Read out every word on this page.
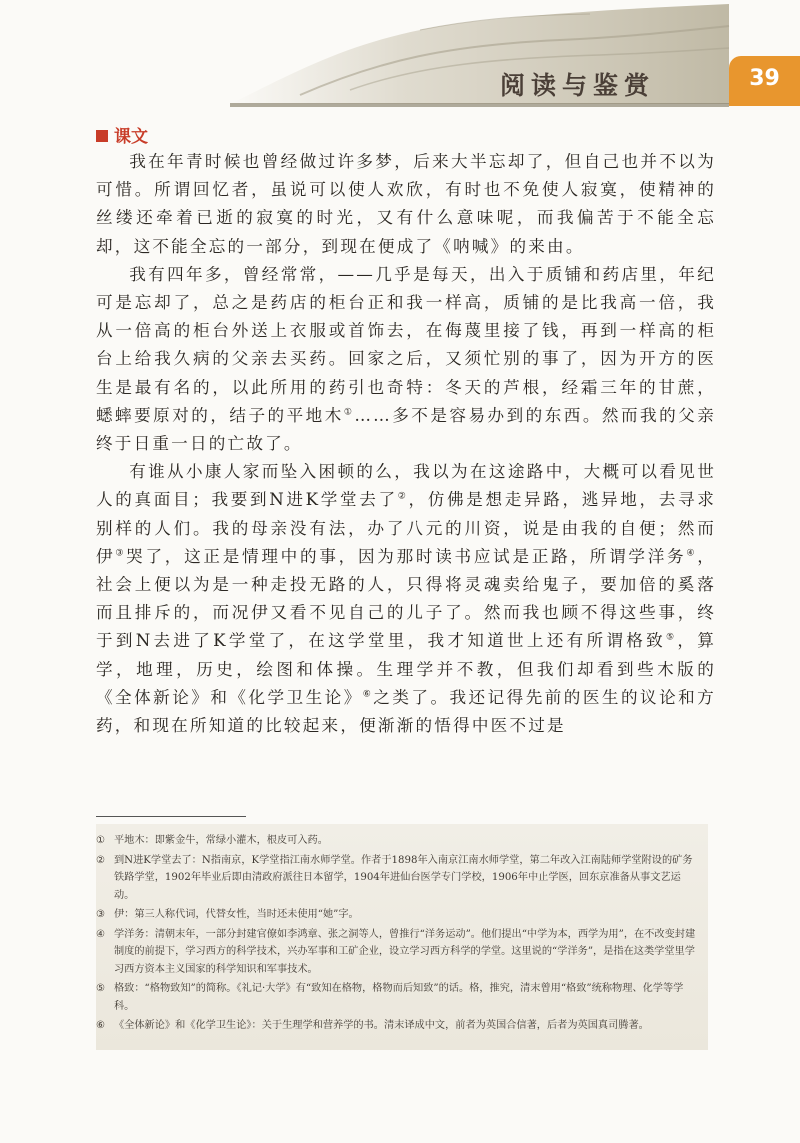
阅读与鉴赏	39
课文

我在年青时候也曾经做过许多梦，后来大半忘却了，但自己也并不以为可惜。所谓回忆者，虽说可以使人欢欣，有时也不免使人寂寞，使精神的丝缕还牵着已逝的寂寞的时光，又有什么意味呢，而我偏苦于不能全忘却，这不能全忘的一部分，到现在便成了《呐喊》的来由。

我有四年多，曾经常常，——几乎是每天，出入于质铺和药店里，年纪可是忘却了，总之是药店的柜台正和我一样高，质铺的是比我高一倍，我从一倍高的柜台外送上衣服或首饰去，在侮蔑里接了钱，再到一样高的柜台上给我久病的父亲去买药。回家之后，又须忙别的事了，因为开方的医生是最有名的，以此所用的药引也奇特：冬天的芦根，经霜三年的甘蔗，蟋蟀要原对的，结子的平地木①……多不是容易办到的东西。然而我的父亲终于日重一日的亡故了。

有谁从小康人家而坠入困顿的么，我以为在这途路中，大概可以看见世人的真面目；我要到N进K学堂去了②，仿佛是想走异路，逃异地，去寻求别样的人们。我的母亲没有法，办了八元的川资，说是由我的自便；然而伊③哭了，这正是情理中的事，因为那时读书应试是正路，所谓学洋务④，社会上便以为是一种走投无路的人，只得将灵魂卖给鬼子，要加倍的奚落而且排斥的，而况伊又看不见自己的儿子了。然而我也顾不得这些事，终于到N去进了K学堂了，在这学堂里，我才知道世上还有所谓格致⑤，算学，地理，历史，绘图和体操。生理学并不教，但我们却看到些木版的《全体新论》和《化学卫生论》⑥之类了。我还记得先前的医生的议论和方药，和现在所知道的比较起来，便渐渐的悟得中医不过是

① 平地木：即紫金牛，常绿小灌木，根皮可入药。
② 到N进K学堂去了：N指南京，K学堂指江南水师学堂。作者于1898年入南京江南水师学堂，第二年改入江南陆师学堂附设的矿务铁路学堂，1902年毕业后即由清政府派往日本留学，1904年进仙台医学专门学校，1906年中止学医，回东京准备从事文艺运动。
③ 伊：第三人称代词，代替女性，当时还未使用“她”字。
④ 学洋务：清朝末年，一部分封建官僚如李鸿章、张之洞等人，曾推行“洋务运动”。他们提出“中学为本，西学为用”，在不改变封建制度的前提下，学习西方的科学技术，兴办军事和工矿企业，设立学习西方科学的学堂。这里说的“学洋务”，是指在这类学堂里学习西方资本主义国家的科学知识和军事技术。
⑤ 格致：“格物致知”的简称。《礼记·大学》有“致知在格物，格物而后知致”的话。格，推究，清末曾用“格致”统称物理、化学等学科。
⑥ 《全体新论》和《化学卫生论》：关于生理学和营养学的书。清末译成中文，前者为英国合信著，后者为英国真司腾著。
